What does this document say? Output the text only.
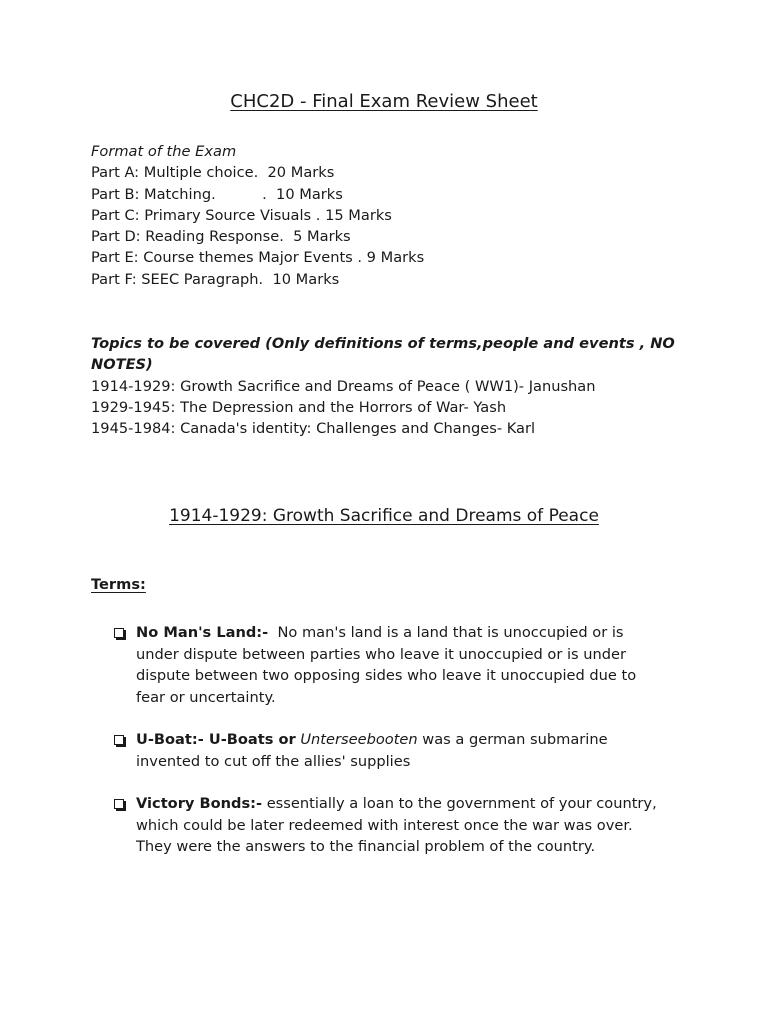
CHC2D - Final Exam Review Sheet
Format of the Exam
Part A: Multiple choice.  20 Marks
Part B: Matching.          .  10 Marks
Part C: Primary Source Visuals . 15 Marks
Part D: Reading Response.  5 Marks
Part E: Course themes Major Events . 9 Marks
Part F: SEEC Paragraph.  10 Marks
Topics to be covered (Only definitions of terms,people and events , NO
NOTES)
1914-1929: Growth Sacrifice and Dreams of Peace ( WW1)- Janushan
1929-1945: The Depression and the Horrors of War- Yash
1945-1984: Canada's identity: Challenges and Changes- Karl
1914-1929: Growth Sacrifice and Dreams of Peace
Terms:
No Man's Land:-  No man's land is a land that is unoccupied or is
under dispute between parties who leave it unoccupied or is under
dispute between two opposing sides who leave it unoccupied due to
fear or uncertainty.
U-Boat:- U-Boats or Unterseebooten was a german submarine
invented to cut off the allies' supplies
Victory Bonds:- essentially a loan to the government of your country,
which could be later redeemed with interest once the war was over.
They were the answers to the financial problem of the country.
